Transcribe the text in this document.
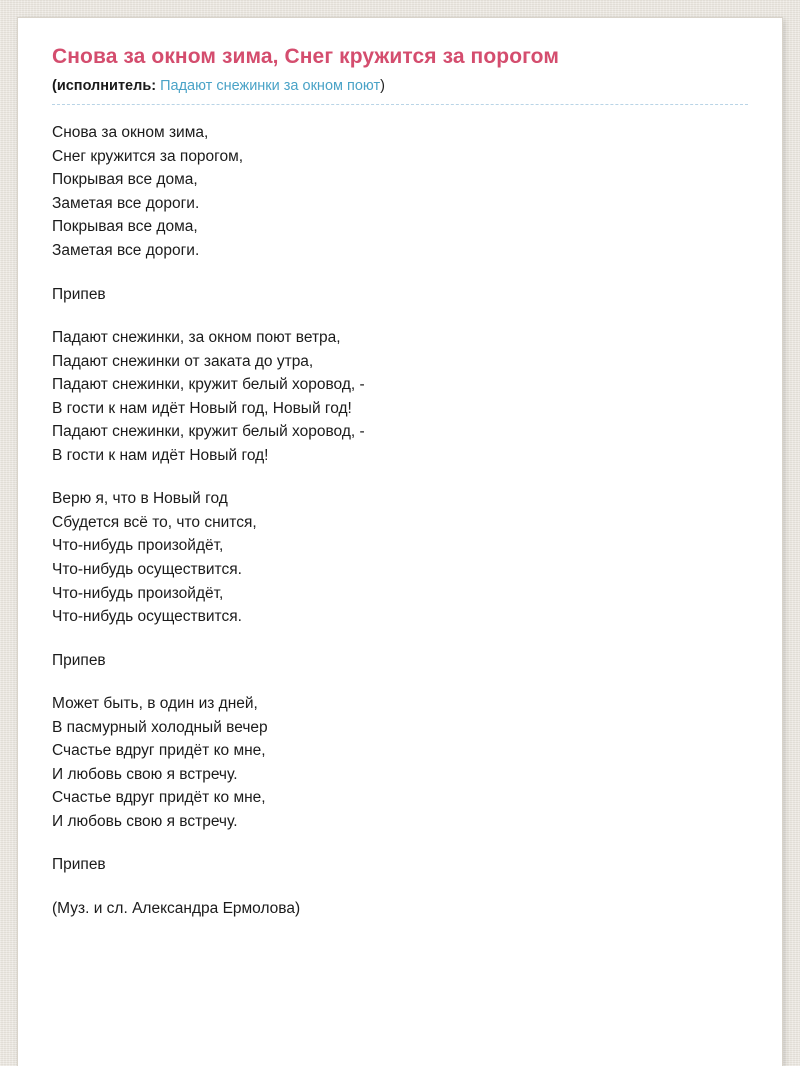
Снова за окном зима, Снег кружится за порогом
(исполнитель: Падают снежинки за окном поют)

Снова за окном зима,
Снег кружится за порогом,
Покрывая все дома,
Заметая все дороги.
Покрывая все дома,
Заметая все дороги.

Припев

Падают снежинки, за окном поют ветра,
Падают снежинки от заката до утра,
Падают снежинки, кружит белый хоровод, -
В гости к нам идёт Новый год, Новый год!
Падают снежинки, кружит белый хоровод, -
В гости к нам идёт Новый год!

Верю я, что в Новый год
Сбудется всё то, что снится,
Что-нибудь произойдёт,
Что-нибудь осуществится.
Что-нибудь произойдёт,
Что-нибудь осуществится.

Припев

Может быть, в один из дней,
В пасмурный холодный вечер
Счастье вдруг придёт ко мне,
И любовь свою я встречу.
Счастье вдруг придёт ко мне,
И любовь свою я встречу.

Припев

(Муз. и сл. Александра Ермолова)
